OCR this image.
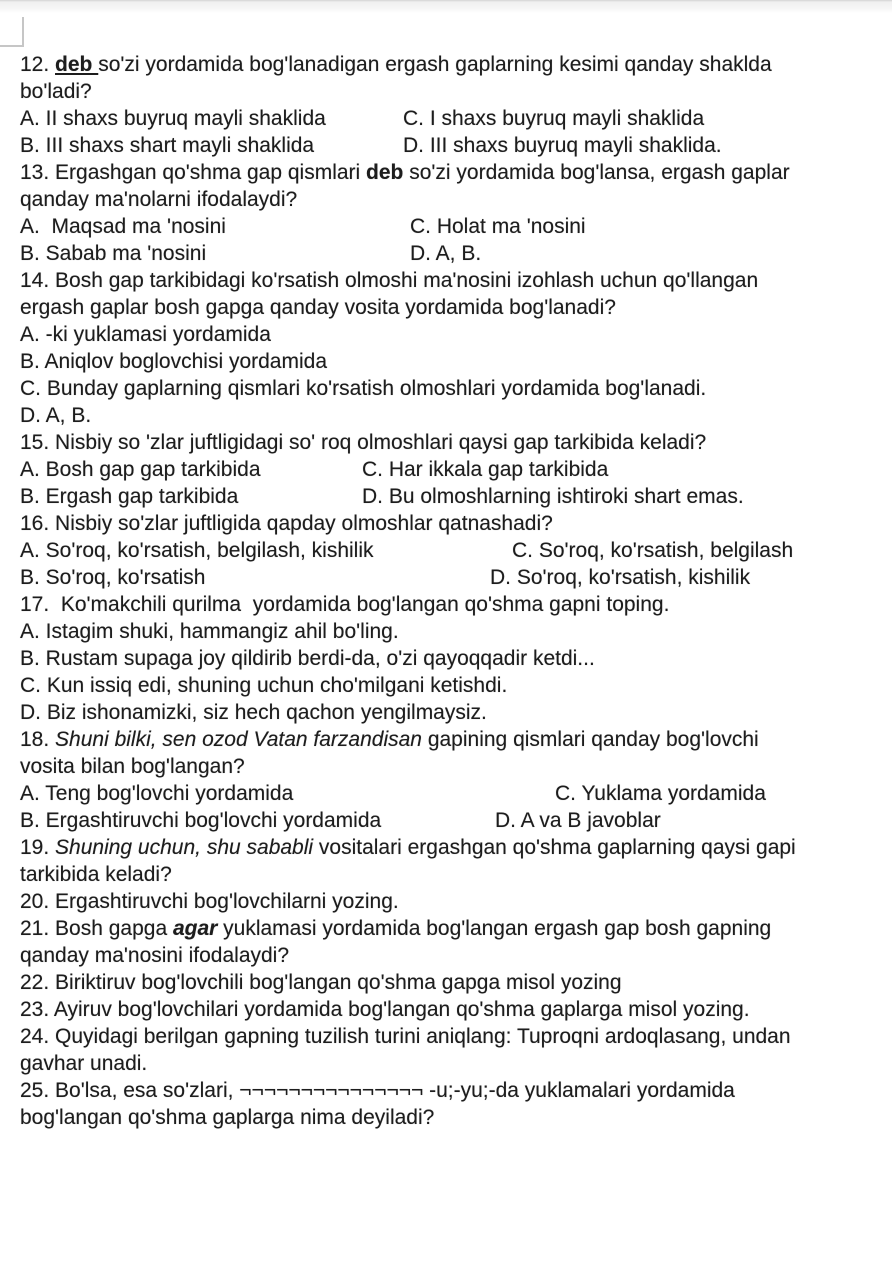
12. deb so'zi yordamida bog'lanadigan ergash gaplarning kesimi qanday shaklda
bo'ladi?
A. II shaxs buyruq mayli shaklida	C. I shaxs buyruq mayli shaklida
B. III shaxs shart mayli shaklida	D. III shaxs buyruq mayli shaklida.
13. Ergashgan qo'shma gap qismlari deb so'zi yordamida bog'lansa, ergash gaplar
qanday ma'nolarni ifodalaydi?
A.  Maqsad ma 'nosini	C. Holat ma 'nosini
B. Sabab ma 'nosini	D. A, B.
14. Bosh gap tarkibidagi ko'rsatish olmoshi ma'nosini izohlash uchun qo'llangan
ergash gaplar bosh gapga qanday vosita yordamida bog'lanadi?
A. -ki yuklamasi yordamida
B. Aniqlov boglovchisi yordamida
C. Bunday gaplarning qismlari ko'rsatish olmoshlari yordamida bog'lanadi.
D. A, B.
15. Nisbiy so 'zlar juftligidagi so' roq olmoshlari qaysi gap tarkibida keladi?
A. Bosh gap gap tarkibida	C. Har ikkala gap tarkibida
B. Ergash gap tarkibida	D. Bu olmoshlarning ishtiroki shart emas.
16. Nisbiy so'zlar juftligida qapday olmoshlar qatnashadi?
A. So'roq, ko'rsatish, belgilash, kishilik	C. So'roq, ko'rsatish, belgilash
B. So'roq, ko'rsatish	D. So'roq, ko'rsatish, kishilik
17.  Ko'makchili qurilma  yordamida bog'langan qo'shma gapni toping.
A. Istagim shuki, hammangiz ahil bo'ling.
B. Rustam supaga joy qildirib berdi-da, o'zi qayoqqadir ketdi...
C. Kun issiq edi, shuning uchun cho'milgani ketishdi.
D. Biz ishonamizki, siz hech qachon yengilmaysiz.
18. Shuni bilki, sen ozod Vatan farzandisan gapining qismlari qanday bog'lovchi
vosita bilan bog'langan?
A. Teng bog'lovchi yordamida	C. Yuklama yordamida
B. Ergashtiruvchi bog'lovchi yordamida	D. A va B javoblar
19. Shuning uchun, shu sababli vositalari ergashgan qo'shma gaplarning qaysi gapi
tarkibida keladi?
20. Ergashtiruvchi bog'lovchilarni yozing.
21. Bosh gapga agar yuklamasi yordamida bog'langan ergash gap bosh gapning
qanday ma'nosini ifodalaydi?
22. Biriktiruv bog'lovchili bog'langan qo'shma gapga misol yozing
23. Ayiruv bog'lovchilari yordamida bog'langan qo'shma gaplarga misol yozing.
24. Quyidagi berilgan gapning tuzilish turini aniqlang: Tuproqni ardoqlasang, undan
gavhar unadi.
25. Bo'lsa, esa so'zlari, ¬¬¬¬¬¬¬¬¬¬¬¬¬¬¬ -u;-yu;-da yuklamalari yordamida
bog'langan qo'shma gaplarga nima deyiladi?
